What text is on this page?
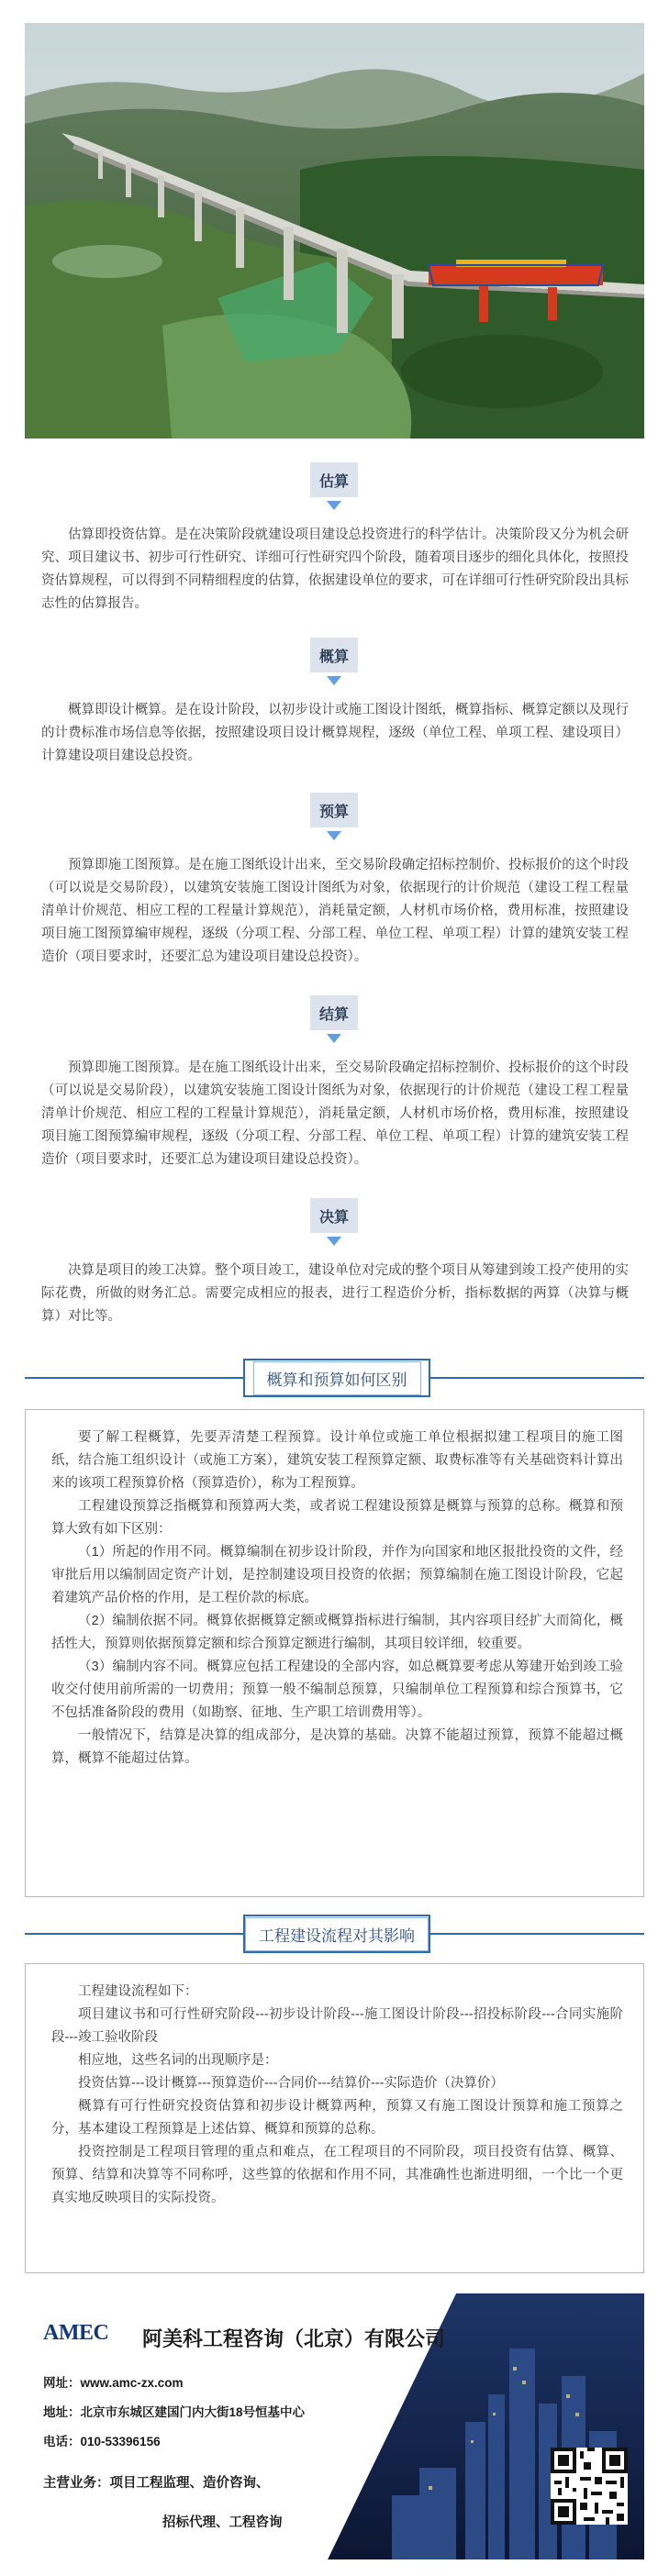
估算

估算即投资估算。是在决策阶段就建设项目建设总投资进行的科学估计。决策阶段又分为机会研究、项目建议书、初步可行性研究、详细可行性研究四个阶段，随着项目逐步的细化具体化，按照投资估算规程，可以得到不同精细程度的估算，依据建设单位的要求，可在详细可行性研究阶段出具标志性的估算报告。

概算

概算即设计概算。是在设计阶段，以初步设计或施工图设计图纸，概算指标、概算定额以及现行的计费标准市场信息等依据，按照建设项目设计概算规程，逐级（单位工程、单项工程、建设项目）计算建设项目建设总投资。

预算

预算即施工图预算。是在施工图纸设计出来，至交易阶段确定招标控制价、投标报价的这个时段（可以说是交易阶段），以建筑安装施工图设计图纸为对象，依据现行的计价规范（建设工程工程量清单计价规范、相应工程的工程量计算规范），消耗量定额，人材机市场价格，费用标准，按照建设项目施工图预算编审规程，逐级（分项工程、分部工程、单位工程、单项工程）计算的建筑安装工程造价（项目要求时，还要汇总为建设项目建设总投资）。

结算

预算即施工图预算。是在施工图纸设计出来，至交易阶段确定招标控制价、投标报价的这个时段（可以说是交易阶段），以建筑安装施工图设计图纸为对象，依据现行的计价规范（建设工程工程量清单计价规范、相应工程的工程量计算规范），消耗量定额，人材机市场价格，费用标准，按照建设项目施工图预算编审规程，逐级（分项工程、分部工程、单位工程、单项工程）计算的建筑安装工程造价（项目要求时，还要汇总为建设项目建设总投资）。

决算

决算是项目的竣工决算。整个项目竣工，建设单位对完成的整个项目从筹建到竣工投产使用的实际花费，所做的财务汇总。需要完成相应的报表，进行工程造价分析，指标数据的两算（决算与概算）对比等。

概算和预算如何区别

要了解工程概算，先要弄清楚工程预算。设计单位或施工单位根据拟建工程项目的施工图纸，结合施工组织设计（或施工方案），建筑安装工程预算定额、取费标准等有关基础资料计算出来的该项工程预算价格（预算造价），称为工程预算。

工程建设预算泛指概算和预算两大类，或者说工程建设预算是概算与预算的总称。概算和预算大致有如下区别：

（1）所起的作用不同。概算编制在初步设计阶段，并作为向国家和地区报批投资的文件，经审批后用以编制固定资产计划，是控制建设项目投资的依据；预算编制在施工图设计阶段，它起着建筑产品价格的作用，是工程价款的标底。

（2）编制依据不同。概算依据概算定额或概算指标进行编制，其内容项目经扩大而简化，概括性大，预算则依据预算定额和综合预算定额进行编制，其项目较详细，较重要。

（3）编制内容不同。概算应包括工程建设的全部内容，如总概算要考虑从筹建开始到竣工验收交付使用前所需的一切费用；预算一般不编制总预算，只编制单位工程预算和综合预算书，它不包括准备阶段的费用（如勘察、征地、生产职工培训费用等）。

一般情况下，结算是决算的组成部分，是决算的基础。决算不能超过预算，预算不能超过概算，概算不能超过估算。

工程建设流程对其影响

工程建设流程如下：

项目建议书和可行性研究阶段---初步设计阶段---施工图设计阶段---招投标阶段---合同实施阶段---竣工验收阶段

相应地，这些名词的出现顺序是：

投资估算---设计概算---预算造价---合同价---结算价---实际造价（决算价）

概算有可行性研究投资估算和初步设计概算两种，预算又有施工图设计预算和施工预算之分，基本建设工程预算是上述估算、概算和预算的总称。

投资控制是工程项目管理的重点和难点，在工程项目的不同阶段，项目投资有估算、概算、预算、结算和决算等不同称呼，这些算的依据和作用不同，其准确性也渐进明细，一个比一个更真实地反映项目的实际投资。

AMEC 阿美科工程咨询（北京）有限公司
网址：www.amc-zx.com
地址：北京市东城区建国门内大街18号恒基中心
电话：010-53396156
主营业务：项目工程监理、造价咨询、
招标代理、工程咨询
